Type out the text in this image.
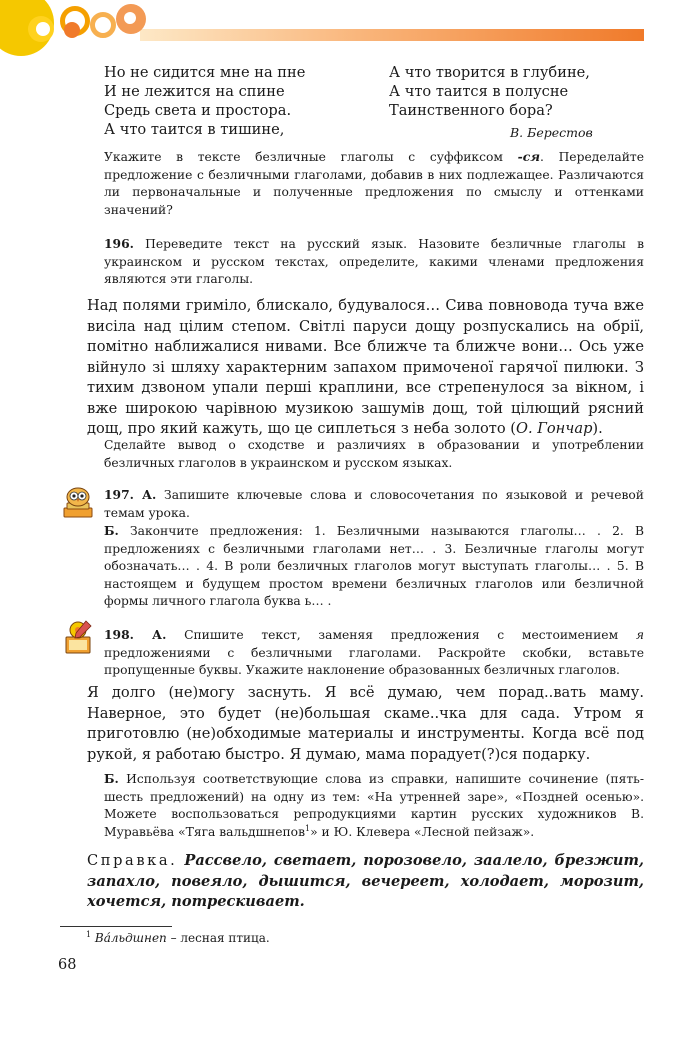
Но не сидится мне на пне
И не лежится на спине
Средь света и простора.
А что таится в тишине,
А что творится в глубине,
А что таится в полусне
Таинственного бора?
В. Берестов
Укажите в тексте безличные глаголы с суффиксом -ся. Переделайте предложение с безличными глаголами, добавив в них подлежащее. Различаются ли первоначальные и полученные предложения по смыслу и оттенками значений?
196. Переведите текст на русский язык. Назовите безличные глаголы в украинском и русском текстах, определите, какими членами предложения являются эти глаголы.
Над полями гриміло, блискало, будувалося… Сива повновода туча вже висіла над цілим степом. Світлі паруси дощу розпускались на обрії, помітно наближалися нивами. Все ближче та ближче вони… Ось уже війнуло зі шляху характерним запахом примоченої гарячої пилюки. З тихим дзвоном упали перші краплини, все стрепенулося за вікном, і вже широкою чарівною музикою зашумів дощ, той цілющий рясний дощ, про який кажуть, що це сиплеться з неба золото (О. Гончар).
Сделайте вывод о сходстве и различиях в образовании и употреблении безличных глаголов в украинском и русском языках.
197. А. Запишите ключевые слова и словосочетания по языковой и речевой темам урока.
Б. Закончите предложения: 1. Безличными называются глаголы… . 2. В предложениях с безличными глаголами нет… . 3. Безличные глаголы могут обозначать… . 4. В роли безличных глаголов могут выступать глаголы… . 5. В настоящем и будущем простом времени безличных глаголов или безличной формы личного глагола буква ь… .
198. А. Спишите текст, заменяя предложения с местоимением я предложениями с безличными глаголами. Раскройте скобки, вставьте пропущенные буквы. Укажите наклонение образованных безличных глаголов.
Я долго (не)могу заснуть. Я всё думаю, чем порад..вать маму. Наверное, это будет (не)большая скаме..чка для сада. Утром я приготовлю (не)обходимые материалы и инструменты. Когда всё под рукой, я работаю быстро. Я думаю, мама порадует(?)ся подарку.
Б. Используя соответствующие слова из справки, напишите сочинение (пять-шесть предложений) на одну из тем: «На утренней заре», «Поздней осенью». Можете воспользоваться репродукциями картин русских художников В. Муравьёва «Тяга вальдшнепов$^1$» и Ю. Клевера «Лесной пейзаж».
Справка. Рассвело, светает, порозовело, заалело, брезжит, запахло, повеяло, дышится, вечереет, холодает, морозит, хочется, потрескивает.
$^1$ Ва́льдшнеп – лесная птица.
68
